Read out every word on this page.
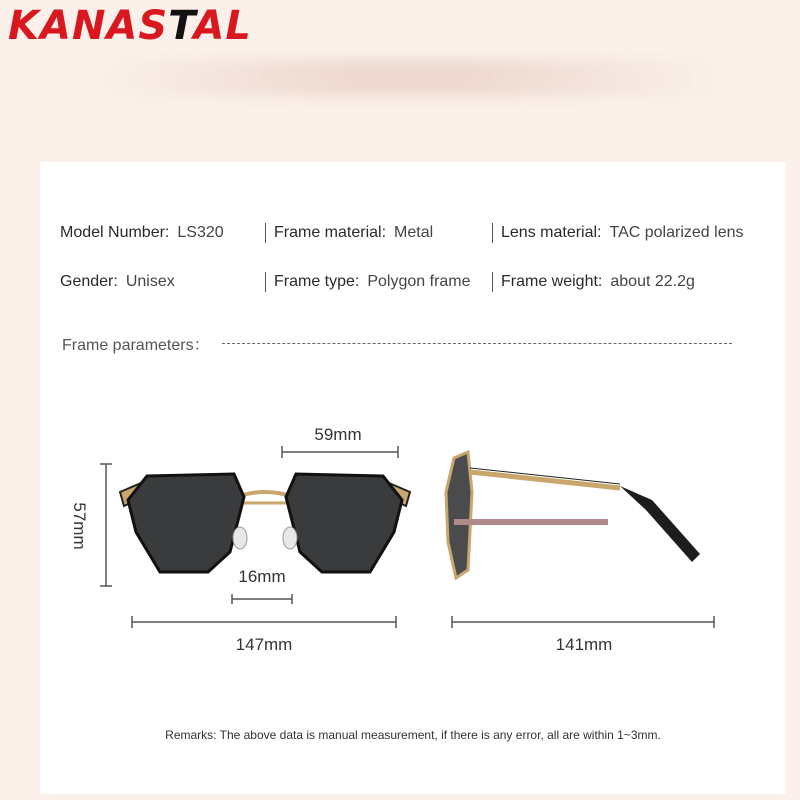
KANASTAL
Model Number: LS320	Frame material: Metal	Lens material: TAC polarized lens
Gender: Unisex	Frame type: Polygon frame Frame weight: about 22.2g
Frame parameters：
59mm
57mm
16mm
147mm	141mm
Remarks: The above data is manual measurement, if there is any error, all are within 1~3mm.
